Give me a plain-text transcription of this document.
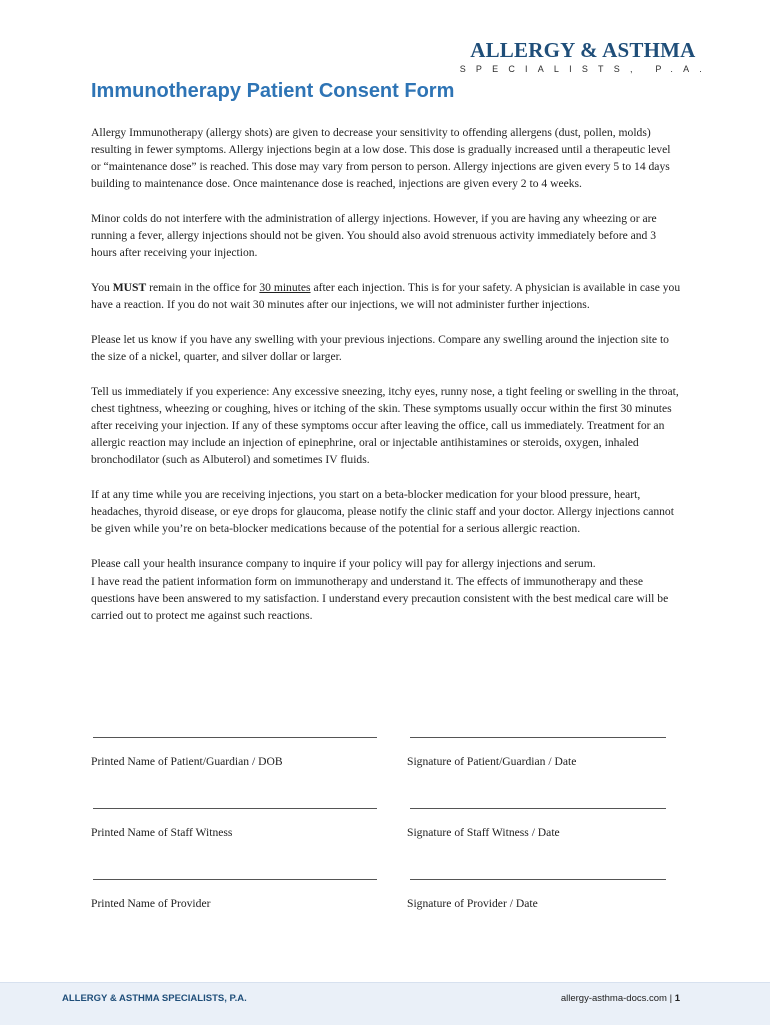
ALLERGY & ASTHMA
SPECIALISTS, P.A.
Immunotherapy Patient Consent Form

Allergy Immunotherapy (allergy shots) are given to decrease your sensitivity to offending allergens (dust, pollen, molds) resulting in fewer symptoms. Allergy injections begin at a low dose. This dose is gradually increased until a therapeutic level or “maintenance dose” is reached. This dose may vary from person to person. Allergy injections are given every 5 to 14 days building to maintenance dose. Once maintenance dose is reached, injections are given every 2 to 4 weeks.

Minor colds do not interfere with the administration of allergy injections. However, if you are having any wheezing or are running a fever, allergy injections should not be given. You should also avoid strenuous activity immediately before and 3 hours after receiving your injection.

You MUST remain in the office for 30 minutes after each injection. This is for your safety. A physician is available in case you have a reaction. If you do not wait 30 minutes after our injections, we will not administer further injections.

Please let us know if you have any swelling with your previous injections. Compare any swelling around the injection site to the size of a nickel, quarter, and silver dollar or larger.

Tell us immediately if you experience: Any excessive sneezing, itchy eyes, runny nose, a tight feeling or swelling in the throat, chest tightness, wheezing or coughing, hives or itching of the skin. These symptoms usually occur within the first 30 minutes after receiving your injection. If any of these symptoms occur after leaving the office, call us immediately. Treatment for an allergic reaction may include an injection of epinephrine, oral or injectable antihistamines or steroids, oxygen, inhaled bronchodilator (such as Albuterol) and sometimes IV fluids.

If at any time while you are receiving injections, you start on a beta-blocker medication for your blood pressure, heart, headaches, thyroid disease, or eye drops for glaucoma, please notify the clinic staff and your doctor. Allergy injections cannot be given while you’re on beta-blocker medications because of the potential for a serious allergic reaction.

Please call your health insurance company to inquire if your policy will pay for allergy injections and serum.

I have read the patient information form on immunotherapy and understand it. The effects of immunotherapy and these questions have been answered to my satisfaction. I understand every precaution consistent with the best medical care will be carried out to protect me against such reactions.

Printed Name of Patient/Guardian / DOB	Signature of Patient/Guardian / Date
Printed Name of Staff Witness	Signature of Staff Witness / Date
Printed Name of Provider	Signature of Provider / Date
ALLERGY & ASTHMA SPECIALISTS, P.A.	allergy-asthma-docs.com | 1
